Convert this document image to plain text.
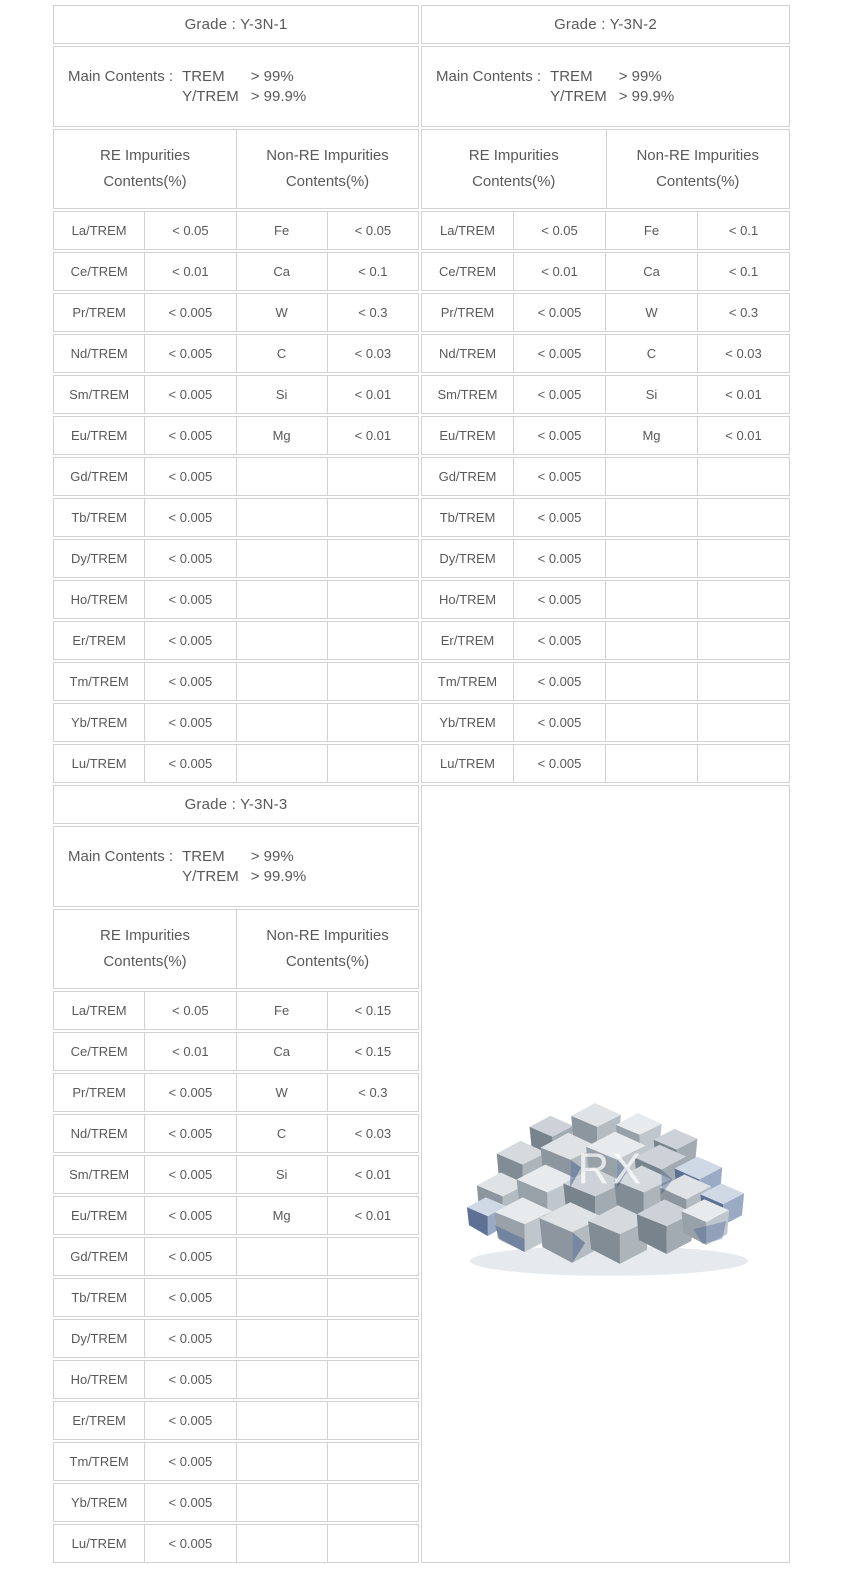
Grade : Y-3N-1
Main Contents : TREM	> 99%
Y/TREM > 99.9%
RE Impurities
Contents(%)
Non-RE Impurities
Contents(%)
La/TREM	< 0.05	Fe	< 0.05
Ce/TREM	< 0.01	Ca	< 0.1
Pr/TREM	< 0.005	W	< 0.3
Nd/TREM	< 0.005	C	< 0.03
Sm/TREM	< 0.005	Si	< 0.01
Eu/TREM	< 0.005	Mg	< 0.01
Gd/TREM	< 0.005
Tb/TREM	< 0.005
Dy/TREM	< 0.005
Ho/TREM	< 0.005
Er/TREM	< 0.005
Tm/TREM	< 0.005
Yb/TREM	< 0.005
Lu/TREM	< 0.005
Grade : Y-3N-2
Main Contents : TREM	> 99%
Y/TREM > 99.9%
RE Impurities
Contents(%)
Non-RE Impurities
Contents(%)
La/TREM	< 0.05	Fe	< 0.1
Ce/TREM	< 0.01	Ca	< 0.1
Pr/TREM	< 0.005	W	< 0.3
Nd/TREM	< 0.005	C	< 0.03
Sm/TREM	< 0.005	Si	< 0.01
Eu/TREM	< 0.005	Mg	< 0.01
Gd/TREM	< 0.005
Tb/TREM	< 0.005
Dy/TREM	< 0.005
Ho/TREM	< 0.005
Er/TREM	< 0.005
Tm/TREM	< 0.005
Yb/TREM	< 0.005
Lu/TREM	< 0.005
Grade : Y-3N-3
Main Contents : TREM	> 99%
Y/TREM > 99.9%
RE Impurities
Contents(%)
Non-RE Impurities
Contents(%)
La/TREM	< 0.05	Fe	< 0.15
Ce/TREM	< 0.01	Ca	< 0.15
Pr/TREM	< 0.005	W	< 0.3
Nd/TREM	< 0.005	C	< 0.03
Sm/TREM	< 0.005	Si	< 0.01
Eu/TREM	< 0.005	Mg	< 0.01
Gd/TREM	< 0.005
Tb/TREM	< 0.005
Dy/TREM	< 0.005
Ho/TREM	< 0.005
Er/TREM	< 0.005
Tm/TREM	< 0.005
Yb/TREM	< 0.005
Lu/TREM	< 0.005
RX
